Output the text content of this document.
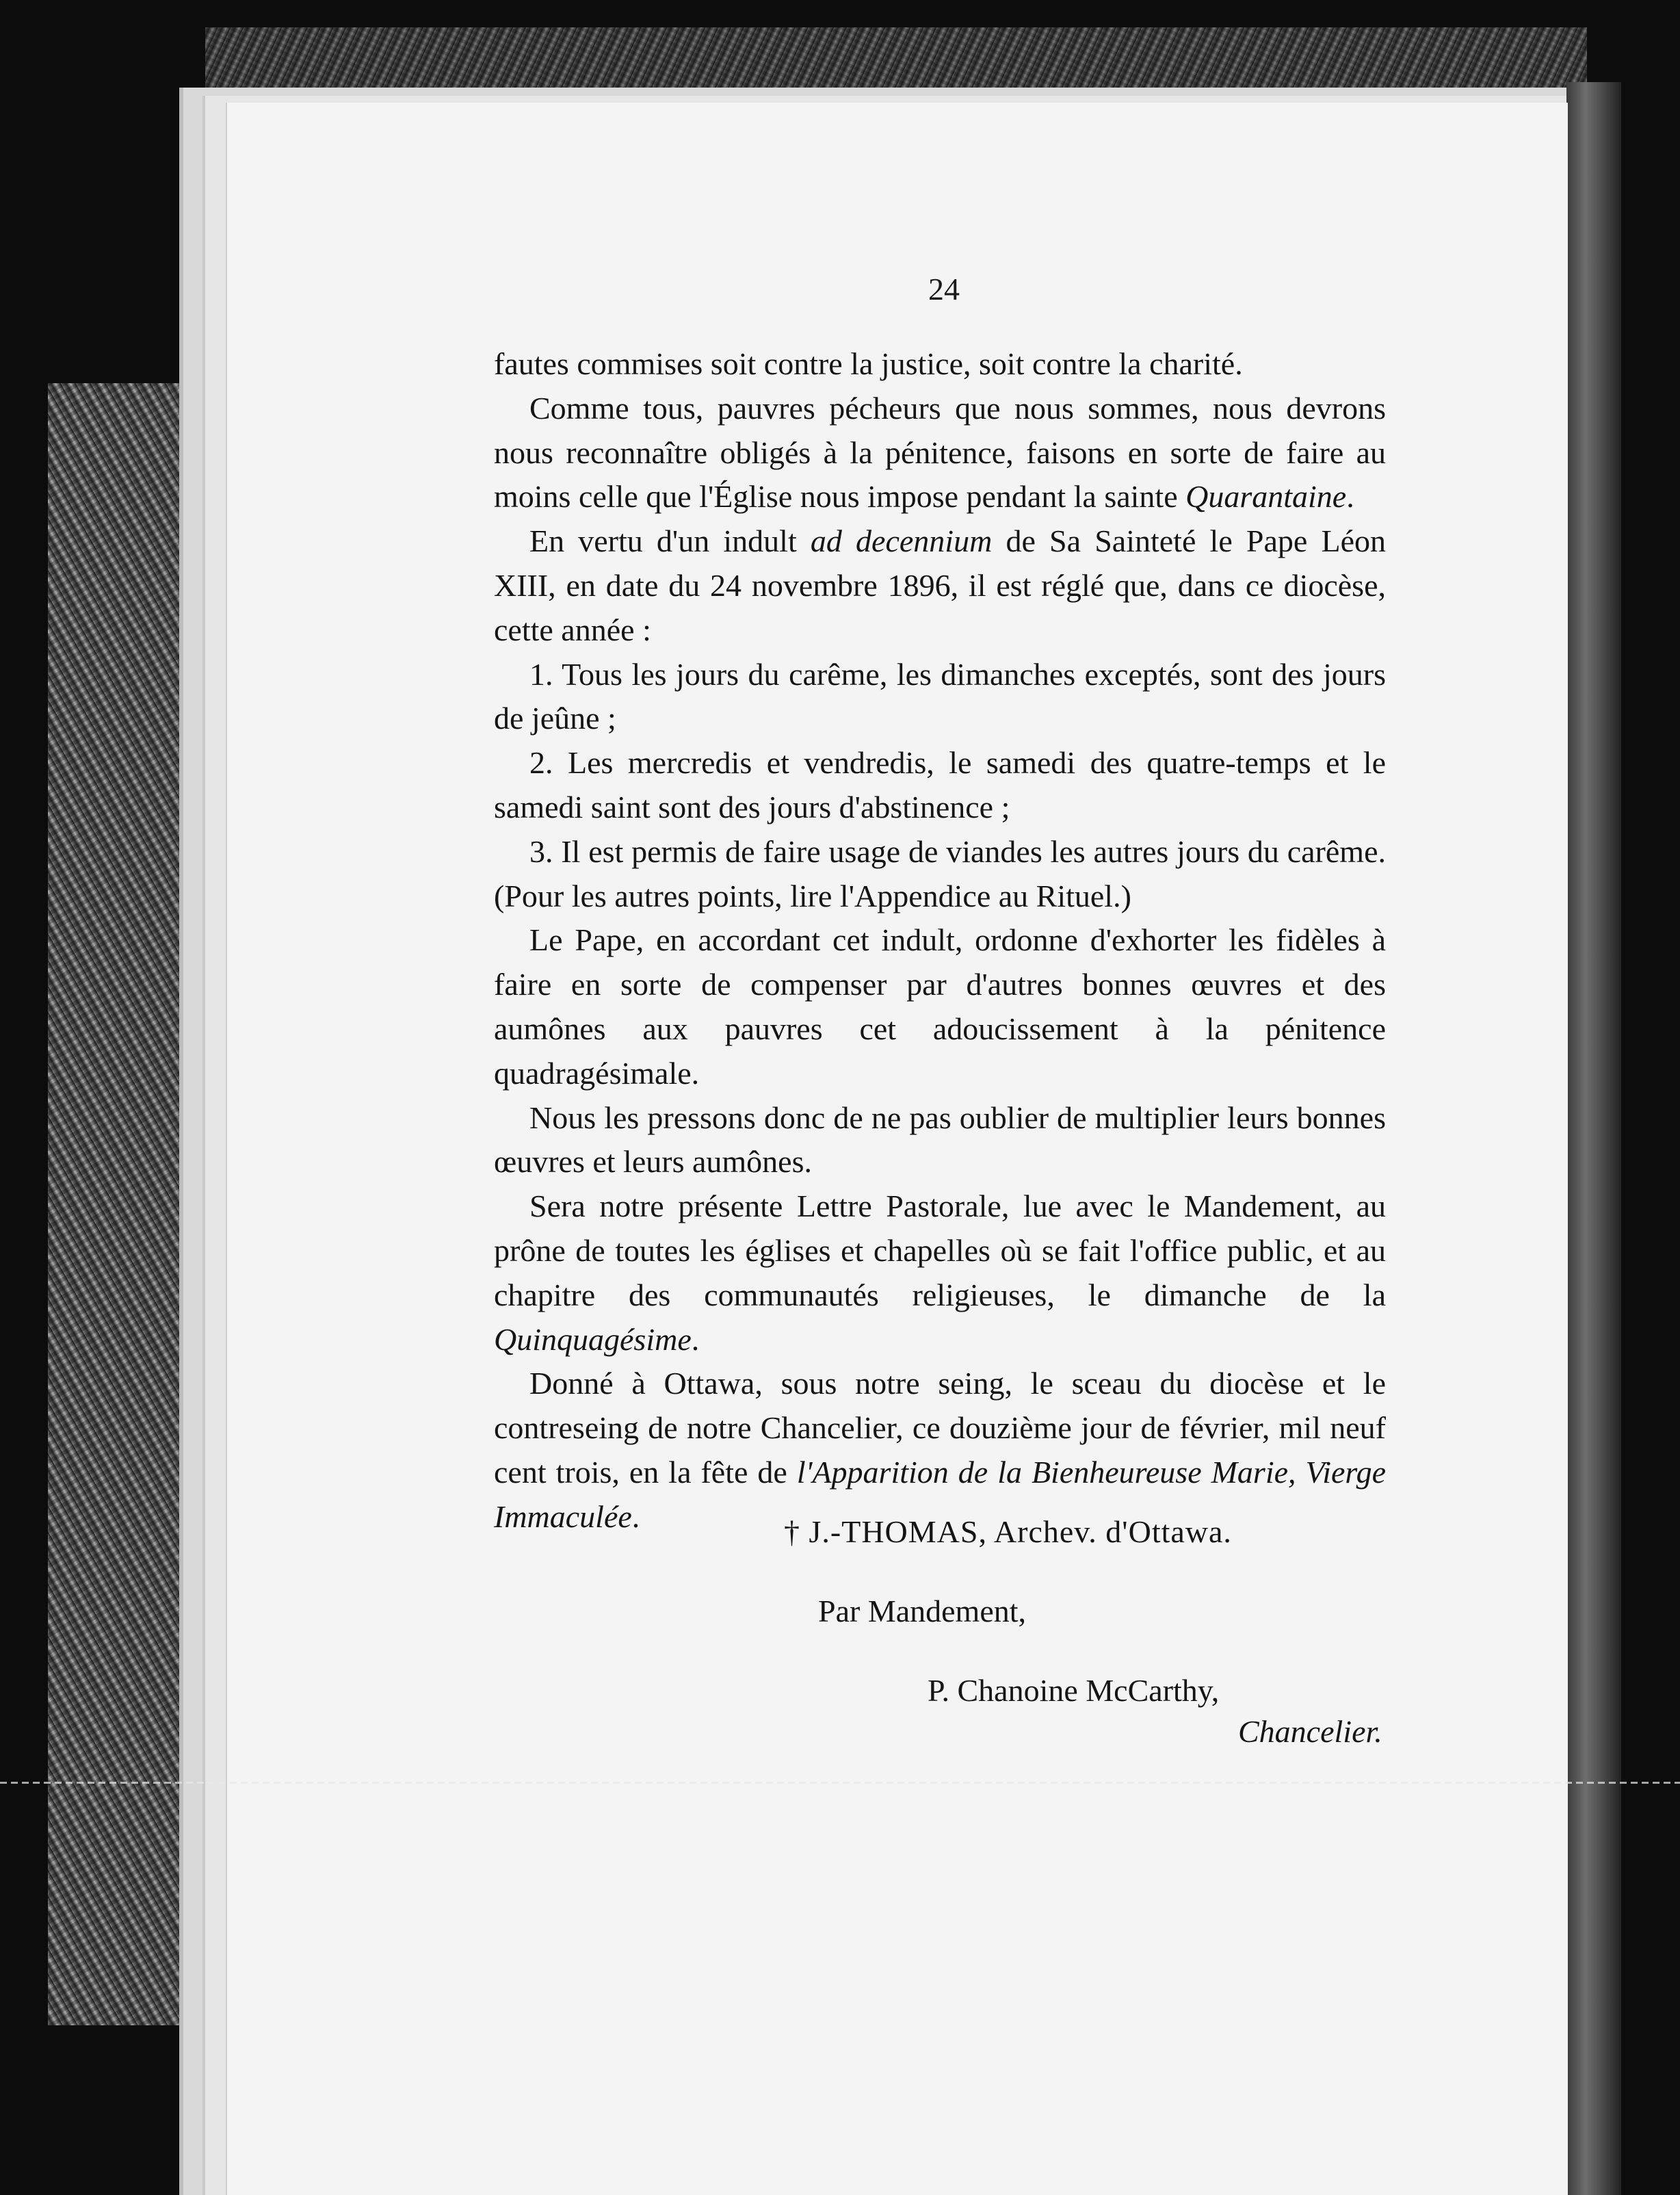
24

fautes commises soit contre la justice, soit contre la charité.

Comme tous, pauvres pécheurs que nous sommes, nous devrons nous reconnaître obligés à la pénitence, faisons en sorte de faire au moins celle que l'Église nous impose pendant la sainte Quarantaine.

En vertu d'un indult ad decennium de Sa Sainteté le Pape Léon XIII, en date du 24 novembre 1896, il est réglé que, dans ce diocèse, cette année :

1. Tous les jours du carême, les dimanches exceptés, sont des jours de jeûne ;

2. Les mercredis et vendredis, le samedi des quatre-temps et le samedi saint sont des jours d'abstinence ;

3. Il est permis de faire usage de viandes les autres jours du carême. (Pour les autres points, lire l'Appendice au Rituel.)

Le Pape, en accordant cet indult, ordonne d'exhorter les fidèles à faire en sorte de compenser par d'autres bonnes œuvres et des aumônes aux pauvres cet adoucissement à la pénitence quadragésimale.

Nous les pressons donc de ne pas oublier de multiplier leurs bonnes œuvres et leurs aumônes.

Sera notre présente Lettre Pastorale, lue avec le Mandement, au prône de toutes les églises et chapelles où se fait l'office public, et au chapitre des communautés religieuses, le dimanche de la Quinquagésime.

Donné à Ottawa, sous notre seing, le sceau du diocèse et le contreseing de notre Chancelier, ce douzième jour de février, mil neuf cent trois, en la fête de l'Apparition de la Bienheureuse Marie, Vierge Immaculée.	† J.-THOMAS, Archev. d'Ottawa.
Par Mandement,
P. Chanoine McCarthy,
Chancelier.
